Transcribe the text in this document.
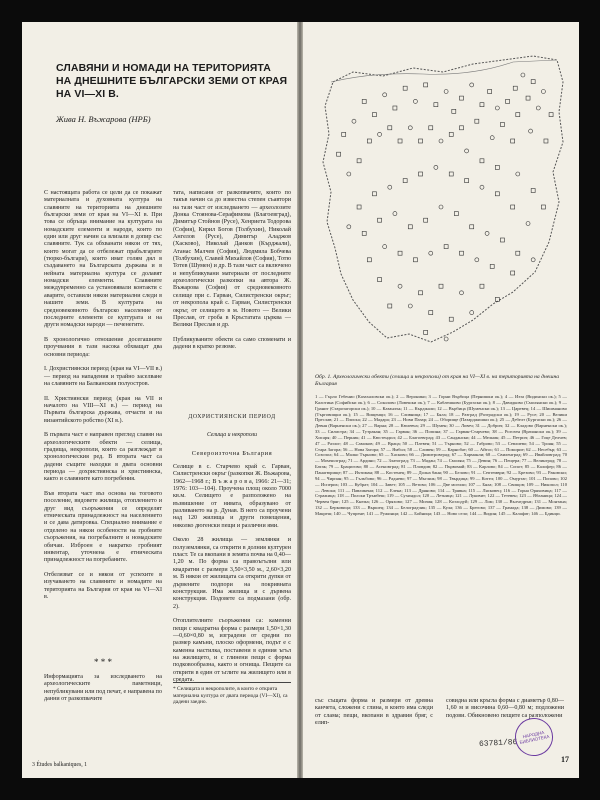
СЛАВЯНИ И НОМАДИ НА ТЕРИТОРИЯТА НА ДНЕШНИТЕ БЪЛГАРСКИ ЗЕМИ ОТ КРАЯ НА VI—XI В.
Жива Н. Въжарова (НРБ)
С настоящата работа се цели да се покажат материалната и духовната култура на славяните на територията на днешните български земи от края на VI—XI в. При това се обръща внимание на културата на номадските елементи и народи, които по един или друг начин са влизали в допир със славяните. Тук са обхванати някои от тях, които могат да се отбележат прабългарите (тюрко-българи), които имат голям дял в създаването на Българската държава и в нейната материална култура се долавят номадски елементи. Славяните междувременно са установявали контакти с аварите, оставили някои материални следи в нашите земи. В културата на средновековното българско население от последните елементи се културата и на други номадски народи — печенегите.

В хронологично отношение досегашните проучвания в тази насока обхващат два основни периода:

I. Дохристиянски период (края на VI—VII в.) — период на нападения и трайно заселване на славяните на Балканския полуостров.

II. Християнски период (края на VII и началото на VIII—XI в.) — период на Първата българска държава, отчасти и на византийското робство (XI в.).

В първата част е направен преглед славян на археологическите обекти — селища, градища, некрополи, които са разглеждат в хронологическия ред. В втората част са дадени същите находки в двата основни периода — дохристиянска и християнска, както и славяните като погребения.

Във втората част въз основа на тоговото поселение, видовете жилища, отоплението и друг вид съоръжения се определят етническата принадлежност на населението и се дава датировка. Специално внимание е отделено на някои особености на гробните съоръжения, на погребалните и номадските обичаи. Изброен е накратко гробният инвентар, уточнена е етническата принадлежност на погребаните.

Отбелязват се и някои от успехите в изучаването на славяните и номадите на територията на България от края на VI—XI в.
* * *
Информацията за изследването на археологическите паметници, непубликувани или под печат, е направена по данни от разкопвачите
тата, написани от разкопвачите, които по такъв начин са до известна степен съавтори на тази част от изследването — археолозите Донка Стоянова-Серафимова (Благоевград), Димитър Стойнов (Русе), Хенриета Тодорова (София), Кирил Богов (Толбухин), Николай Ангелов (Русе), Димитър Аладжов (Хасково), Николай Данков (Кърджали), Атанас Малчев (София), Людмила Бобчева (Толбухин), Славей Михайлов (София), Тотю Тотев (Шумен) и др. В тази част са включено и непубликувани материали от последните археологически разкопки на автора Ж. Въжарова (София) от средновековното селище при с. Гарван, Силистренски окръг; от некропола край с. Гарван, Силистренски окръг, от селището в м. Новото — Велики Преслав, от гроба в Кръстатата църква — Велики Преслав и др.

Публикуваните обекти са само споменати и дадени в кратко резюме.
ДОХРИСТИЯНСКИ ПЕРИОД
Селища и некрополи
Североизточна България
Селище в с. Старчево край с. Гарван, Силистренски окръг (разкопки Ж. Въжарова, 1962—1968 г.; В ъ ж а р о в а, 1966: 21—31; 1976: 103—104). Проучена площ около 7000 кв.м. Селището е разположено на възвишение от нивата, образувано от разливането на р. Дунав. В него са проучени над 120 жилища и други помещения, няколко дюгенски пещи и различни ями.

Около 28 жилища — землянки и полуземлянки, са открити в долния културен пласт. Те са вкопани в земята почва на 0,40—1,20 м. По форма са правоъгълни или квадратни с размери 3,50×3,50 м., 2,60×3,20 м. В някои от жилищата са открити дупки от дървените подпори на покривната конструкция. Има жилища и с дървена конструкция. Подовете са подмазани (обр. 2).

Отоплителните съоръжения са: каменни пещи с квадратна форма с размери 1,50×1,30—0,60×0,80 м, изградени от средни по размер камъни, плоско оформени, подът е с каменна настилка, поставени в единия ъгъл на жилището, и с глинени пещи с форма подковообразна, както и огнища. Пещите са открити в един от ъглите на жилището или в средата.
* Селищата и некрополите, в които е открита материална култура от двата периода (VI—XI), са дадени заедно.
3 Études balkaniques, 1
Обр. 1. Археологически обекти (селища и некрополи) от края на VI—XI в. на територията на днешна България
1 — Гърло Гебенио (Казахаловски ок.); 2 — Вероники; 3 — Горни Върбица (Пернишки ок.); 4 — Изза (Видински ок.); 5 — Калотина (Софийски ок.); 6 — Соколово (Ловешки ок.); 7 — Каблешково (Бургаски ок.); 8 — Давидково (Смолянски ок.); 9 — Гранит (Старозагорски ок.); 10 — Казанлък; 11 — Кърджали; 12 — Върбица (Шуменски ок.); 13 — Царевец; 14 — Шишманово (Търговищки ок.); 15 — Вищенци; 16 — Сливница; 17 — Бяла; 18 — Разград (Разградски ок.); 19 — Русе; 20 — Велики Преслав; 21 — Плиска; 22 — Мадара; 23 — Нови Пазар; 24 — Оборище (Пазарджишки ок.); 25 — Дебелт (Бургаски ок.); 26 — Девня (Варненски ок.); 27 — Варна; 28 — Кюлевча; 29 — Шумен; 30 — Ловеч; 31 — Добрич; 32 — Кладово (Варненски ок.); 33 — Силистра; 34 — Тутракан; 35 — Гарван; 36 — Попина; 37 — Гарван-Старчево; 38 — Рогозен (Врачански ок.); 39 — Хисаря; 40 — Перник; 41 — Кюстендил; 42 — Благоевград; 43 — Сандански; 44 — Мелник; 45 — Петрич; 46 — Гоце Делчев; 47 — Разлог; 48 — Самоков; 49 — Враца; 50 — Плевен; 51 — Търново; 52 — Габрово; 53 — Севлиево; 54 — Троян; 55 — Стара Загора; 56 — Нова Загора; 57 — Ямбол; 58 — Сливен; 59 — Карнобат; 60 — Айтос; 61 — Поморие; 62 — Несебър; 63 — Созопол; 64 — Малко Търново; 65 — Хасково; 66 — Димитровград; 67 — Харманли; 68 — Свиленград; 69 — Ивайловград; 70 — Момчилград; 71 — Ардино; 72 — Златоград; 73 — Мадан; 74 — Смолян; 75 — Девин; 76 — Пещера; 77 — Велинград; 78 — Батак; 79 — Брацигово; 80 — Асеновград; 81 — Пловдив; 82 — Първомай; 83 — Карлово; 84 — Сопот; 85 — Калофер; 86 — Панагюрище; 87 — Ихтиман; 88 — Костенец; 89 — Долна баня; 90 — Белово; 91 — Септември; 92 — Брезово; 93 — Раковски; 94 — Чирпан; 95 — Гълъбово; 96 — Раднево; 97 — Мъглиж; 98 — Твърдица; 99 — Котел; 100 — Омуртаг; 101 — Попово; 102 — Исперих; 103 — Кубрат; 104 — Завет; 105 — Ветово; 106 — Две могили; 107 — Бяла; 108 — Свищов; 109 — Никопол; 110 — Левски; 111 — Павликени; 112 — Елена; 113 — Дряново; 114 — Трявна; 115 — Лясковец; 116 — Горна Оряховица; 117 — Стражица; 118 — Полски Тръмбеш; 119 — Сухиндол; 120 — Летница; 121 — Луковит; 122 — Тетевен; 123 — Ябланица; 124 — Червен бряг; 125 — Кнежа; 126 — Оряхово; 127 — Мизия; 128 — Козлодуй; 129 — Лом; 130 — Вълчедръм; 131 — Монтана; 132 — Берковица; 133 — Вършец; 134 — Белоградчик; 135 — Кула; 136 — Брегово; 137 — Грамада; 138 — Димово; 139 — Макреш; 140 — Чупрене; 141 — Ружинци; 142 — Бойница; 143 — Ново село; 144 — Видин; 145 — Калафат; 146 — Бдинци.
със същата форма и размери от древна канчета, сложени с глина, в които има следи от слама; пещи, вкопани в здравия бряг, с елип-
совидна или кръгла форма с диаметър 0,80—1,60 м и височина 0,60—0,80 м; подложени подови. Обикновено пещите са разположени
63781/86
НАРОДНА БИБЛИОТЕКА
17
